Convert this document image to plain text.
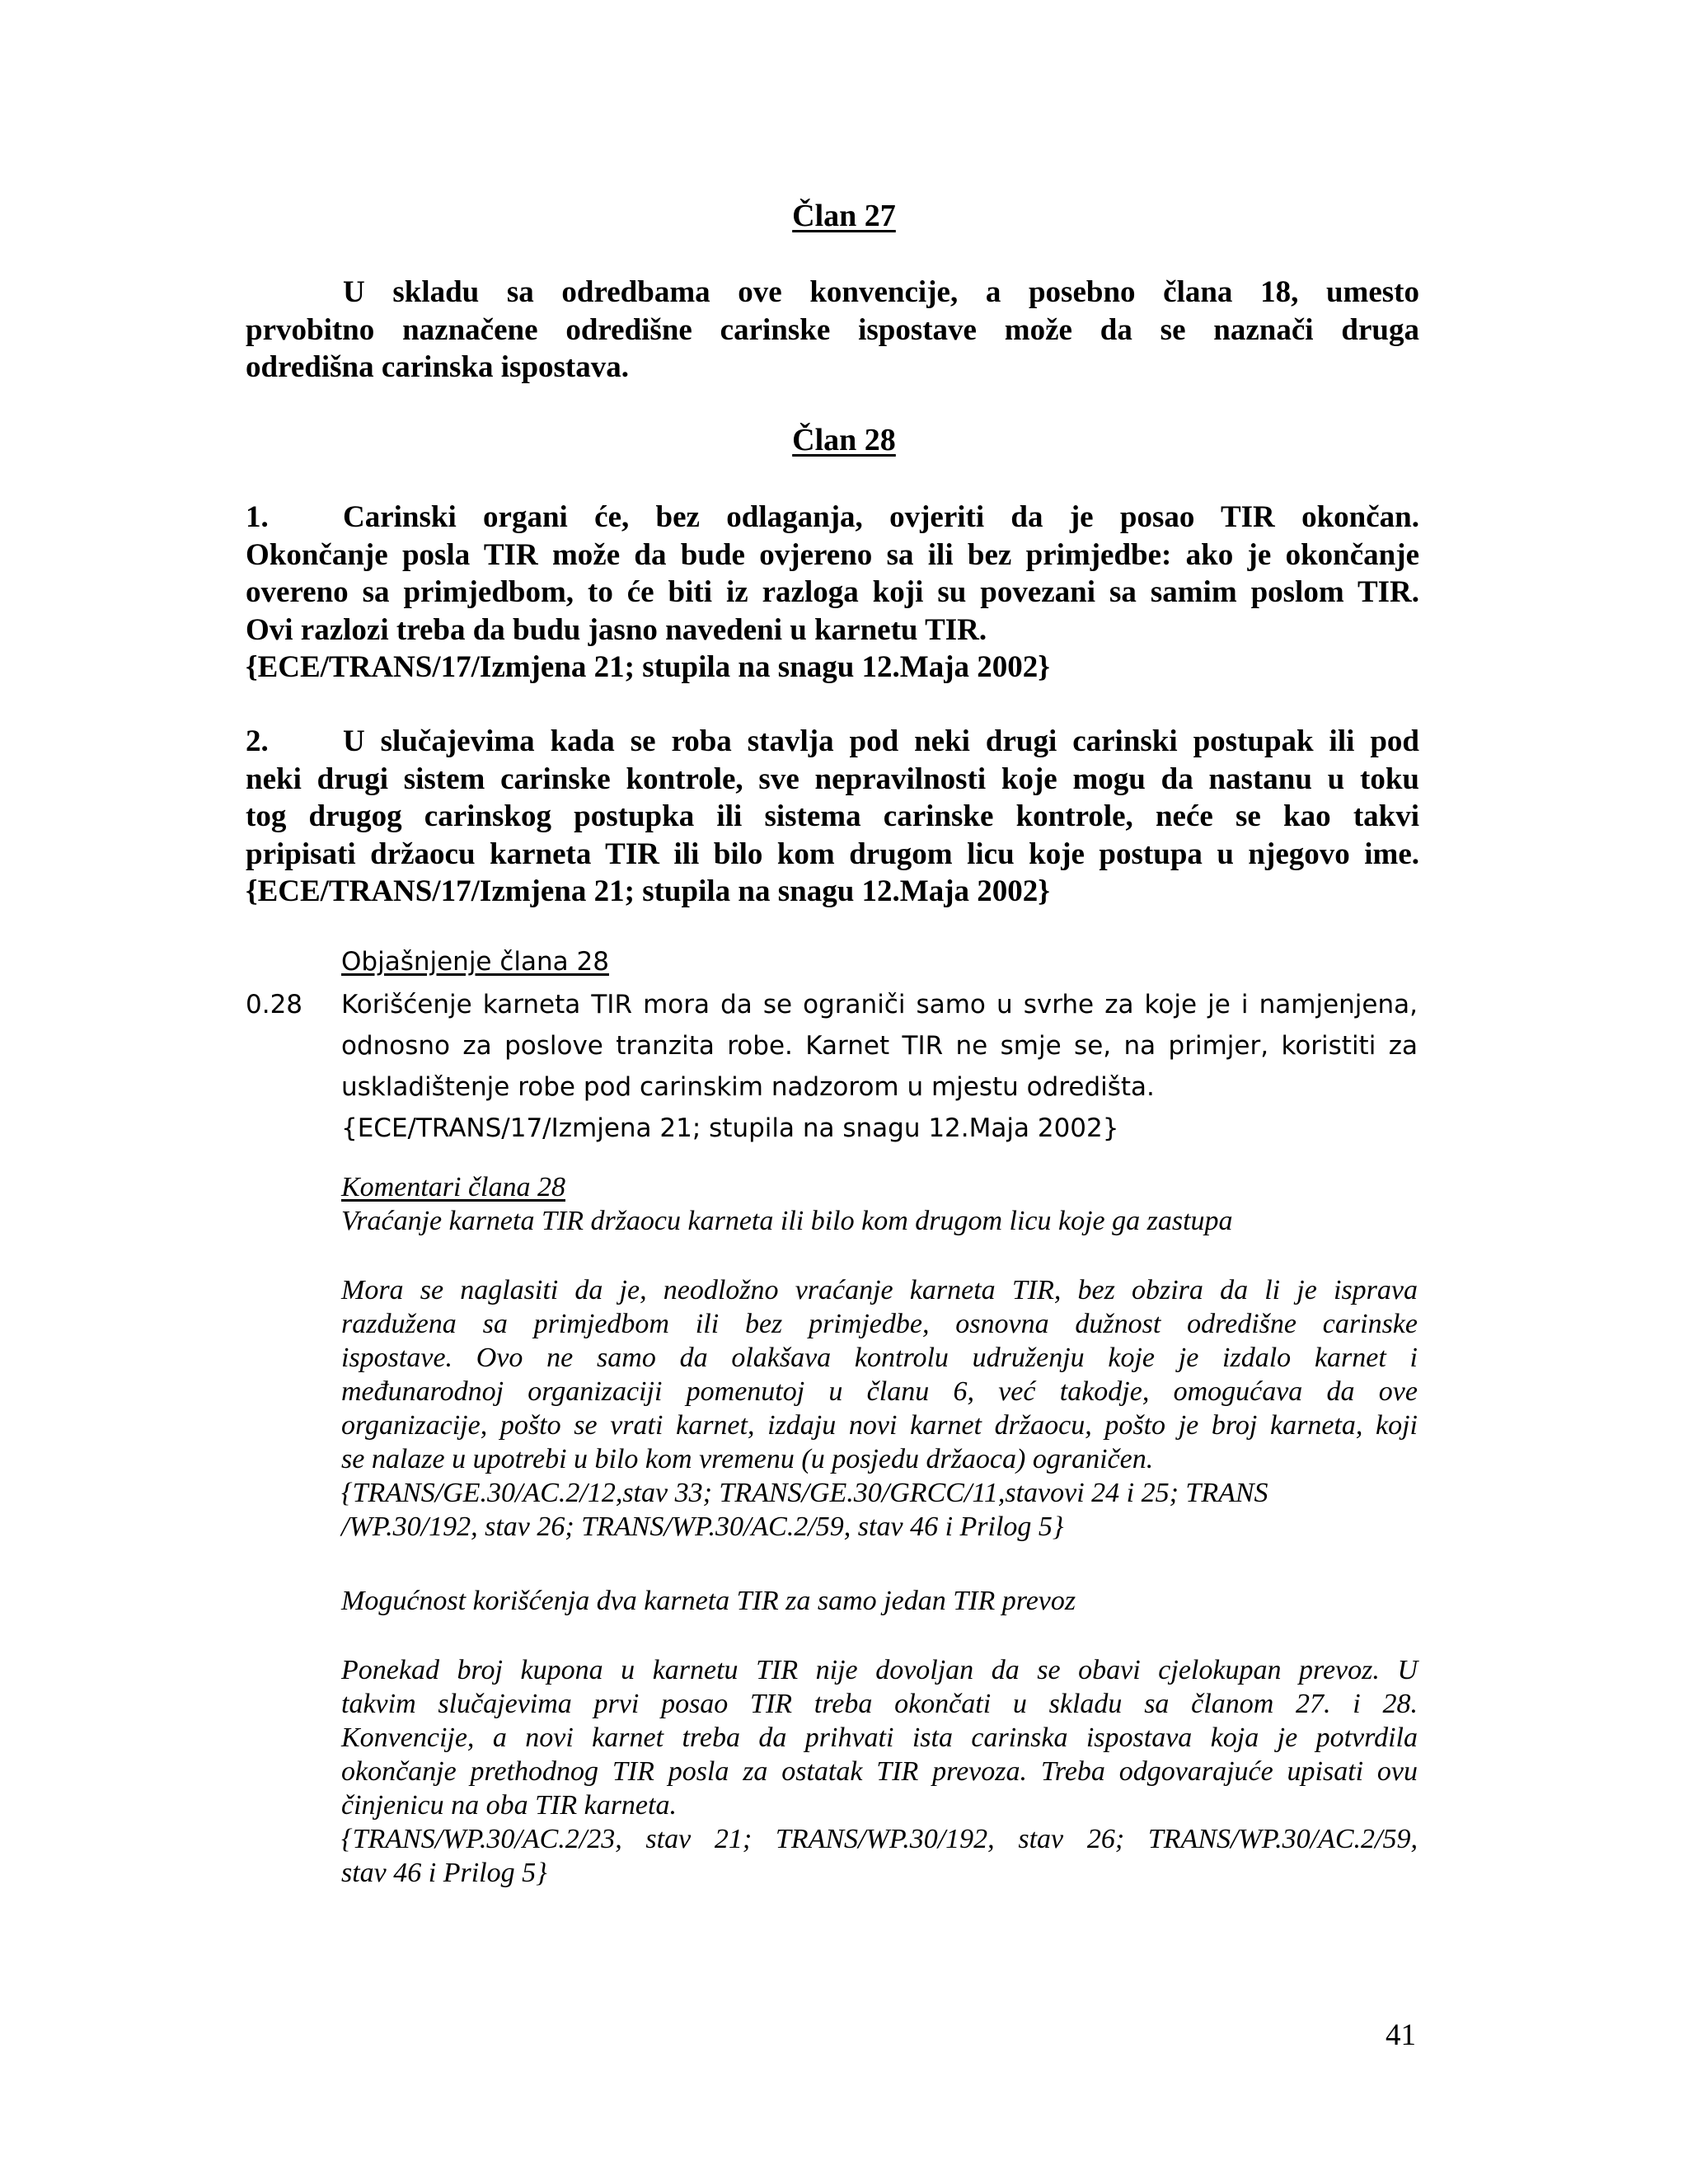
Član 27
U skladu sa odredbama ove konvencije, a posebno člana 18, umesto
prvobitno naznačene odredišne carinske ispostave može da se naznači druga
odredišna carinska ispostava.
Član 28
1. Carinski organi će, bez odlaganja, ovjeriti da je posao TIR okončan.
Okončanje posla TIR može da bude ovjereno sa ili bez primjedbe: ako je okončanje
overeno sa primjedbom, to će biti iz razloga koji su povezani sa samim poslom TIR.
Ovi razlozi treba da budu jasno navedeni u karnetu TIR.
{ECE/TRANS/17/Izmjena 21; stupila na snagu 12.Maja 2002}
2. U slučajevima kada se roba stavlja pod neki drugi carinski postupak ili pod
neki drugi sistem carinske kontrole, sve nepravilnosti koje mogu da nastanu u toku
tog drugog carinskog postupka ili sistema carinske kontrole, neće se kao takvi
pripisati držaocu karneta TIR ili bilo kom drugom licu koje postupa u njegovo ime.
{ECE/TRANS/17/Izmjena 21; stupila na snagu 12.Maja 2002}
Objašnjenje člana 28
0.28 Korišćenje karneta TIR mora da se ograniči samo u svrhe za koje je i namjenjena,
odnosno za poslove tranzita robe. Karnet TIR ne smje se, na primjer, koristiti za
uskladištenje robe pod carinskim nadzorom u mjestu odredišta.
{ECE/TRANS/17/Izmjena 21; stupila na snagu 12.Maja 2002}
Komentari člana 28
Vraćanje karneta TIR držaocu karneta ili bilo kom drugom licu koje ga zastupa
Mora se naglasiti da je, neodložno vraćanje karneta TIR, bez obzira da li je isprava
razdužena sa primjedbom ili bez primjedbe, osnovna dužnost odredišne carinske
ispostave. Ovo ne samo da olakšava kontrolu udruženju koje je izdalo karnet i
međunarodnoj organizaciji pomenutoj u članu 6, već takodje, omogućava da ove
organizacije, pošto se vrati karnet, izdaju novi karnet držaocu, pošto je broj karneta, koji
se nalaze u upotrebi u bilo kom vremenu (u posjedu držaoca) ograničen.
{TRANS/GE.30/AC.2/12,stav 33; TRANS/GE.30/GRCC/11,stavovi 24 i 25; TRANS
/WP.30/192, stav 26; TRANS/WP.30/AC.2/59, stav 46 i Prilog 5}
Mogućnost korišćenja dva karneta TIR za samo jedan TIR prevoz
Ponekad broj kupona u karnetu TIR nije dovoljan da se obavi cjelokupan prevoz. U
takvim slučajevima prvi posao TIR treba okončati u skladu sa članom 27. i 28.
Konvencije, a novi karnet treba da prihvati ista carinska ispostava koja je potvrdila
okončanje prethodnog TIR posla za ostatak TIR prevoza. Treba odgovarajuće upisati ovu
činjenicu na oba TIR karneta.
{TRANS/WP.30/AC.2/23, stav 21; TRANS/WP.30/192, stav 26; TRANS/WP.30/AC.2/59,
stav 46 i Prilog 5}
41
